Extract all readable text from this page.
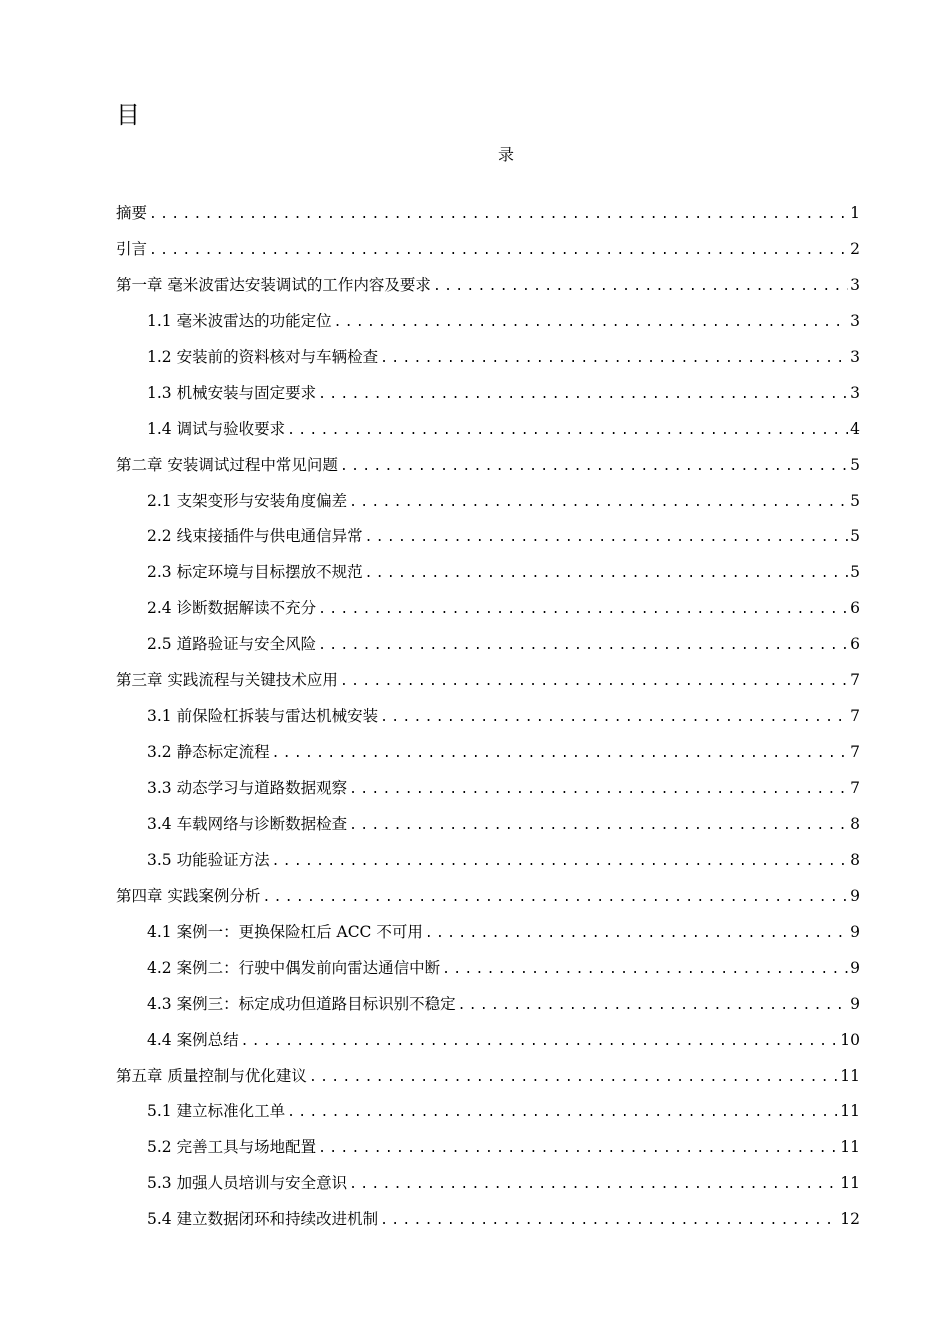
目
录
摘要 .....	1
引言 .....	2
第一章 毫米波雷达安装调试的工作内容及要求 .....	3
1.1 毫米波雷达的功能定位 .....	3
1.2 安装前的资料核对与车辆检查 .....	3
1.3 机械安装与固定要求 .....	3
1.4 调试与验收要求 .....	4
第二章 安装调试过程中常见问题 .....	5
2.1 支架变形与安装角度偏差 .....	5
2.2 线束接插件与供电通信异常 .....	5
2.3 标定环境与目标摆放不规范 .....	5
2.4 诊断数据解读不充分 .....	6
2.5 道路验证与安全风险 .....	6
第三章 实践流程与关键技术应用 .....	7
3.1 前保险杠拆装与雷达机械安装 .....	7
3.2 静态标定流程 .....	7
3.3 动态学习与道路数据观察 .....	7
3.4 车载网络与诊断数据检查 .....	8
3.5 功能验证方法 .....	8
第四章 实践案例分析 .....	9
4.1 案例一：更换保险杠后 ACC 不可用 .....	9
4.2 案例二：行驶中偶发前向雷达通信中断 .....	9
4.3 案例三：标定成功但道路目标识别不稳定 .....	9
4.4 案例总结 .....	10
第五章 质量控制与优化建议 .....	11
5.1 建立标准化工单 .....	11
5.2 完善工具与场地配置 .....	11
5.3 加强人员培训与安全意识 .....	11
5.4 建立数据闭环和持续改进机制 .....	12
